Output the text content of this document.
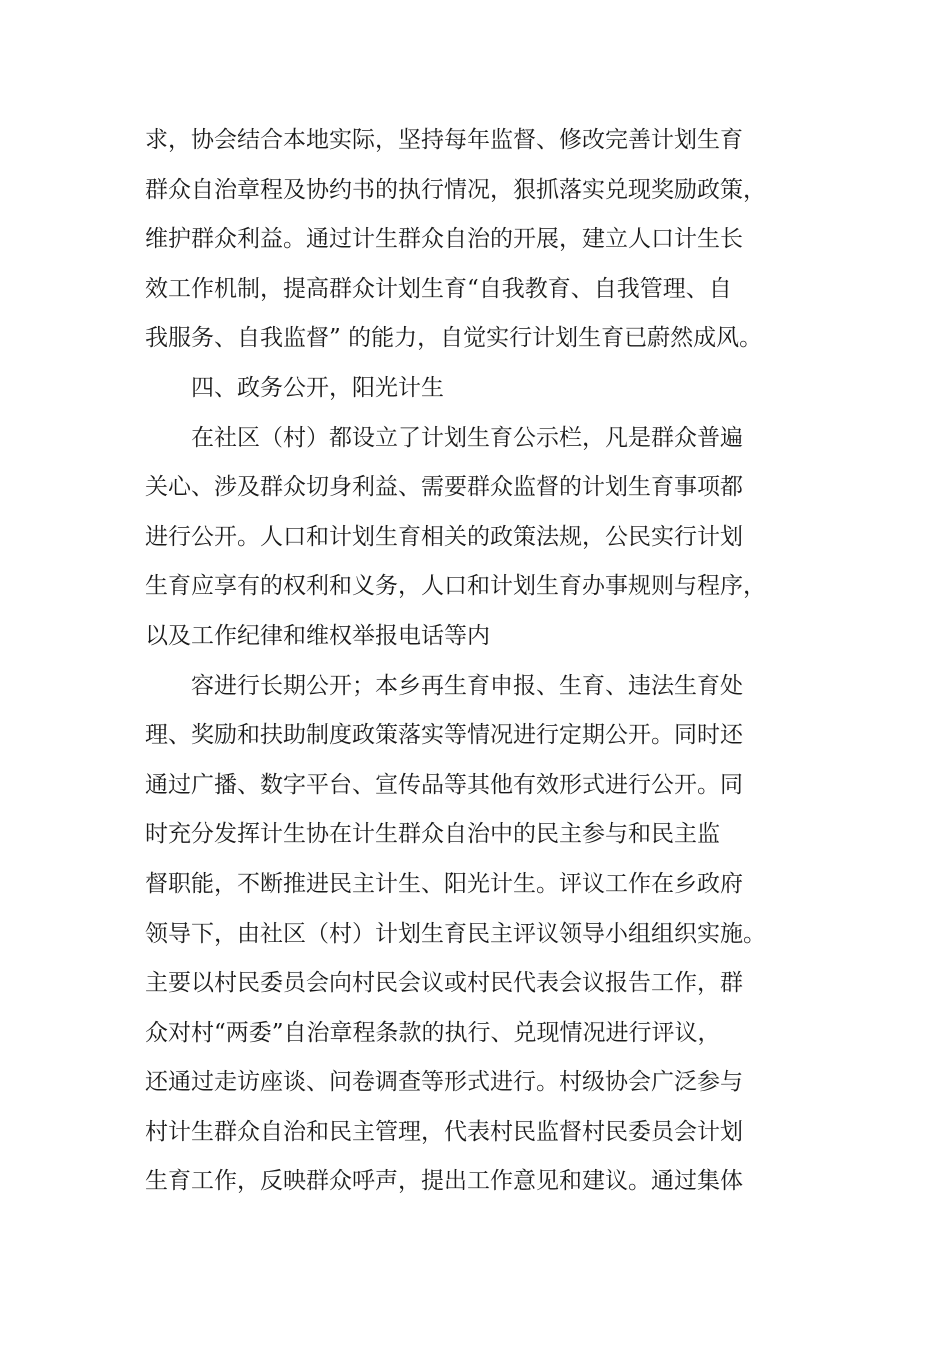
求，协会结合本地实际，坚持每年监督、修改完善计划生育
群众自治章程及协约书的执行情况，狠抓落实兑现奖励政策，
维护群众利益。通过计生群众自治的开展，建立人口计生长
效工作机制，提高群众计划生育“自我教育、自我管理、自
我服务、自我监督” 的能力，自觉实行计划生育已蔚然成风。
四、政务公开，阳光计生
在社区（村）都设立了计划生育公示栏，凡是群众普遍
关心、涉及群众切身利益、需要群众监督的计划生育事项都
进行公开。人口和计划生育相关的政策法规，公民实行计划
生育应享有的权利和义务，人口和计划生育办事规则与程序，
以及工作纪律和维权举报电话等内
容进行长期公开；本乡再生育申报、生育、违法生育处
理、奖励和扶助制度政策落实等情况进行定期公开。同时还
通过广播、数字平台、宣传品等其他有效形式进行公开。同
时充分发挥计生协在计生群众自治中的民主参与和民主监
督职能，不断推进民主计生、阳光计生。评议工作在乡政府
领导下，由社区（村）计划生育民主评议领导小组组织实施。
主要以村民委员会向村民会议或村民代表会议报告工作，群
众对村“两委”自治章程条款的执行、兑现情况进行评议，
还通过走访座谈、问卷调查等形式进行。村级协会广泛参与
村计生群众自治和民主管理，代表村民监督村民委员会计划
生育工作，反映群众呼声，提出工作意见和建议。通过集体
